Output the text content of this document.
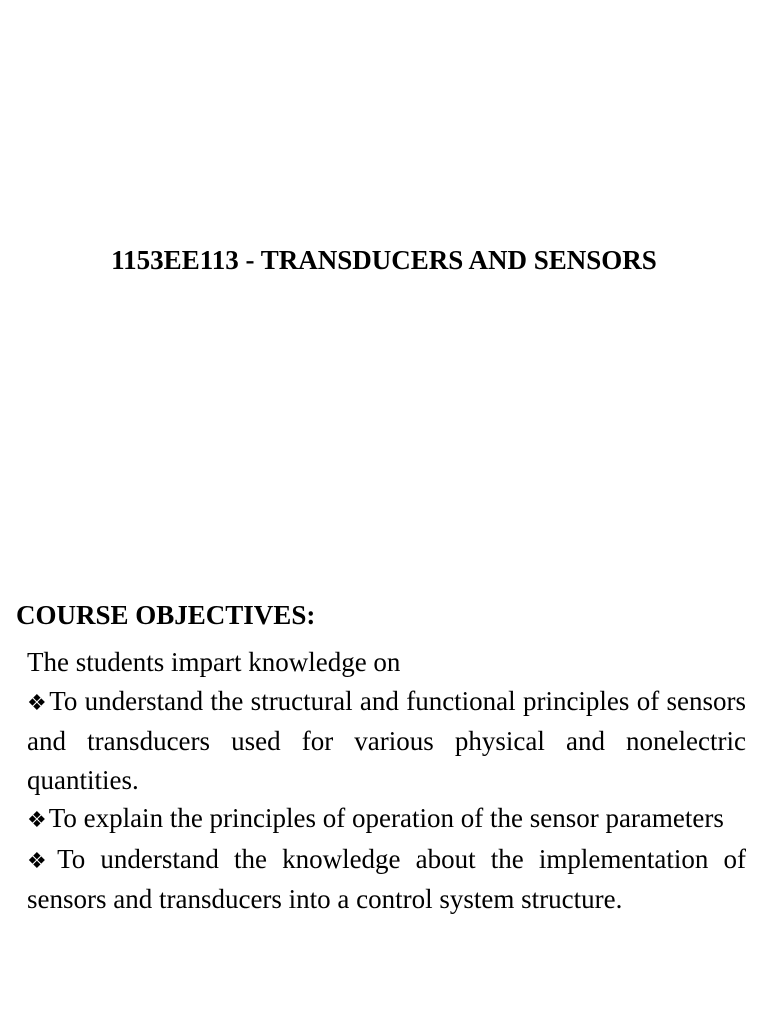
1153EE113 - TRANSDUCERS AND SENSORS
COURSE OBJECTIVES:

The students impart knowledge on

❖To understand the structural and functional principles of sensors and transducers used for various physical and nonelectric quantities.
❖To explain the principles of operation of the sensor parameters
❖To understand the knowledge about the implementation of sensors and transducers into a control system structure.
